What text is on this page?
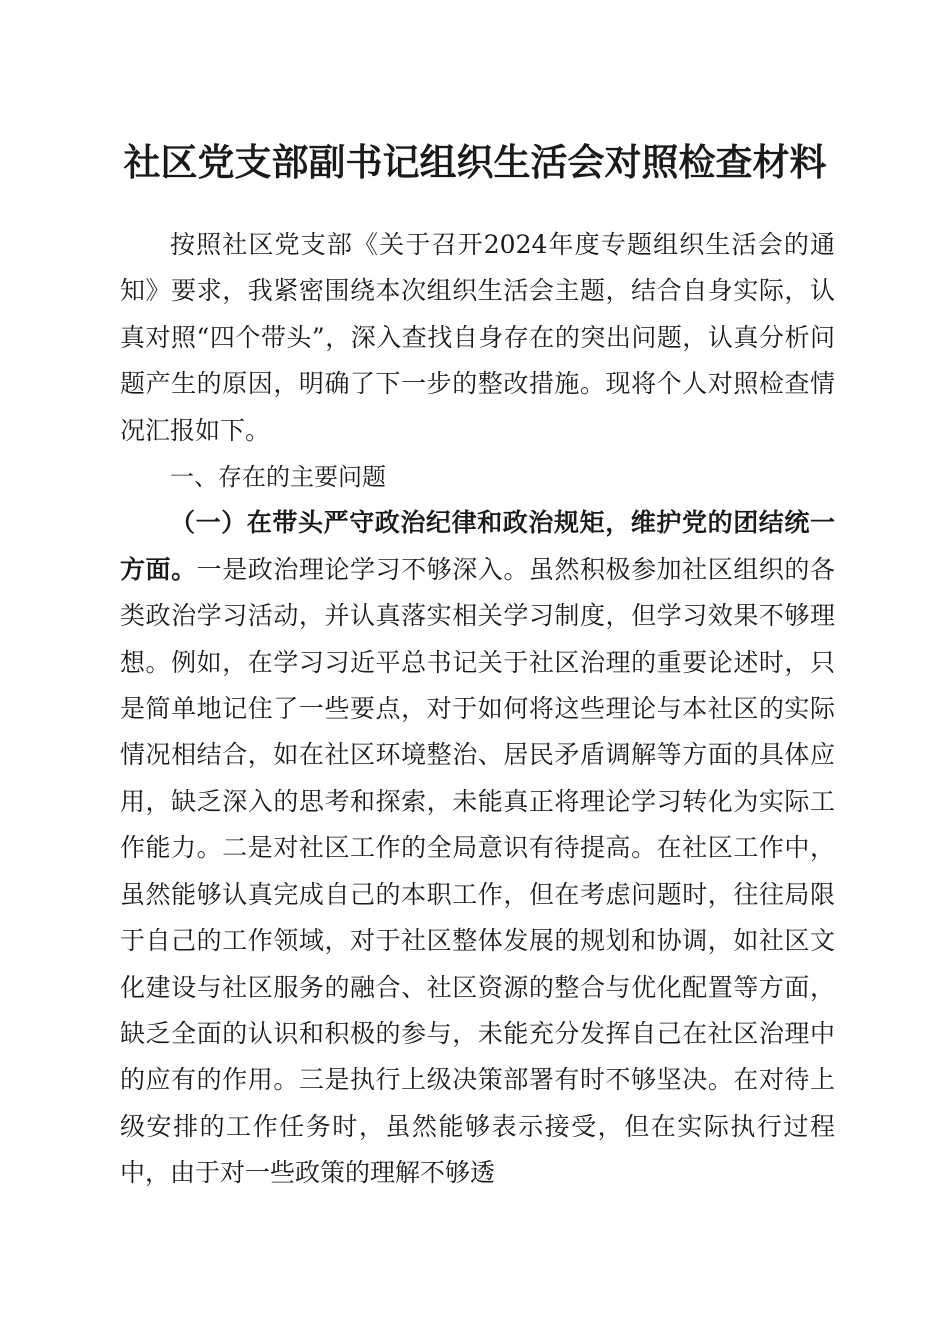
社区党支部副书记组织生活会对照检查材料

按照社区党支部《关于召开2024年度专题组织生活会的通知》要求，我紧密围绕本次组织生活会主题，结合自身实际，认真对照“四个带头”，深入查找自身存在的突出问题，认真分析问题产生的原因，明确了下一步的整改措施。现将个人对照检查情况汇报如下。

一、存在的主要问题

（一）在带头严守政治纪律和政治规矩，维护党的团结统一方面。一是政治理论学习不够深入。虽然积极参加社区组织的各类政治学习活动，并认真落实相关学习制度，但学习效果不够理想。例如，在学习习近平总书记关于社区治理的重要论述时，只是简单地记住了一些要点，对于如何将这些理论与本社区的实际情况相结合，如在社区环境整治、居民矛盾调解等方面的具体应用，缺乏深入的思考和探索，未能真正将理论学习转化为实际工作能力。二是对社区工作的全局意识有待提高。在社区工作中，虽然能够认真完成自己的本职工作，但在考虑问题时，往往局限于自己的工作领域，对于社区整体发展的规划和协调，如社区文化建设与社区服务的融合、社区资源的整合与优化配置等方面，缺乏全面的认识和积极的参与，未能充分发挥自己在社区治理中的应有的作用。三是执行上级决策部署有时不够坚决。在对待上级安排的工作任务时，虽然能够表示接受，但在实际执行过程中，由于对一些政策的理解不够透
